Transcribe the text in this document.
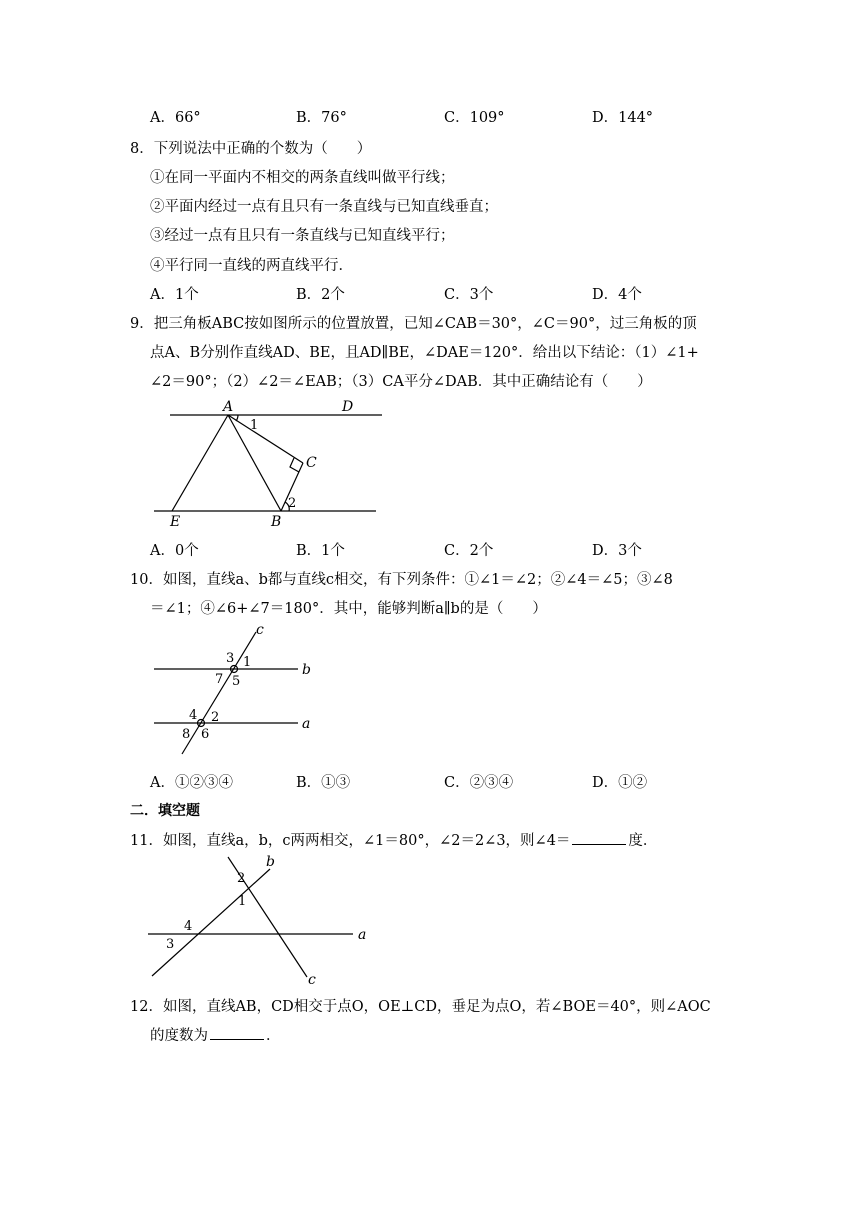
A．66°	B．76°	C．109°	D．144°
8．下列说法中正确的个数为（　　）
①在同一平面内不相交的两条直线叫做平行线；
②平面内经过一点有且只有一条直线与已知直线垂直；
③经过一点有且只有一条直线与已知直线平行；
④平行同一直线的两直线平行．
A．1个	B．2个	C．3个	D．4个
9．把三角板ABC按如图所示的位置放置，已知∠CAB＝30°，∠C＝90°，过三角板的顶
点A、B分别作直线AD、BE，且AD∥BE，∠DAE＝120°．给出以下结论：（1）∠1+
∠2＝90°；（2）∠2＝∠EAB；（3）CA平分∠DAB．其中正确结论有（　　）
A	D
C
E	B
1
2
A．0个	B．1个	C．2个	D．3个
10．如图，直线a、b都与直线c相交，有下列条件：①∠1＝∠2；②∠4＝∠5；③∠8
＝∠1；④∠6+∠7＝180°．其中，能够判断a∥b的是（　　）
c
b
a
3 1
7 5
4 2
8 6
A．①②③④	B．①③	C．②③④	D．①②
二．填空题
11．如图，直线a，b，c两两相交，∠1＝80°，∠2＝2∠3，则∠4＝	度．
b
a
c
2
1
4
3
12．如图，直线AB，CD相交于点O，OE⊥CD，垂足为点O，若∠BOE＝40°，则∠AOC
的度数为	．
